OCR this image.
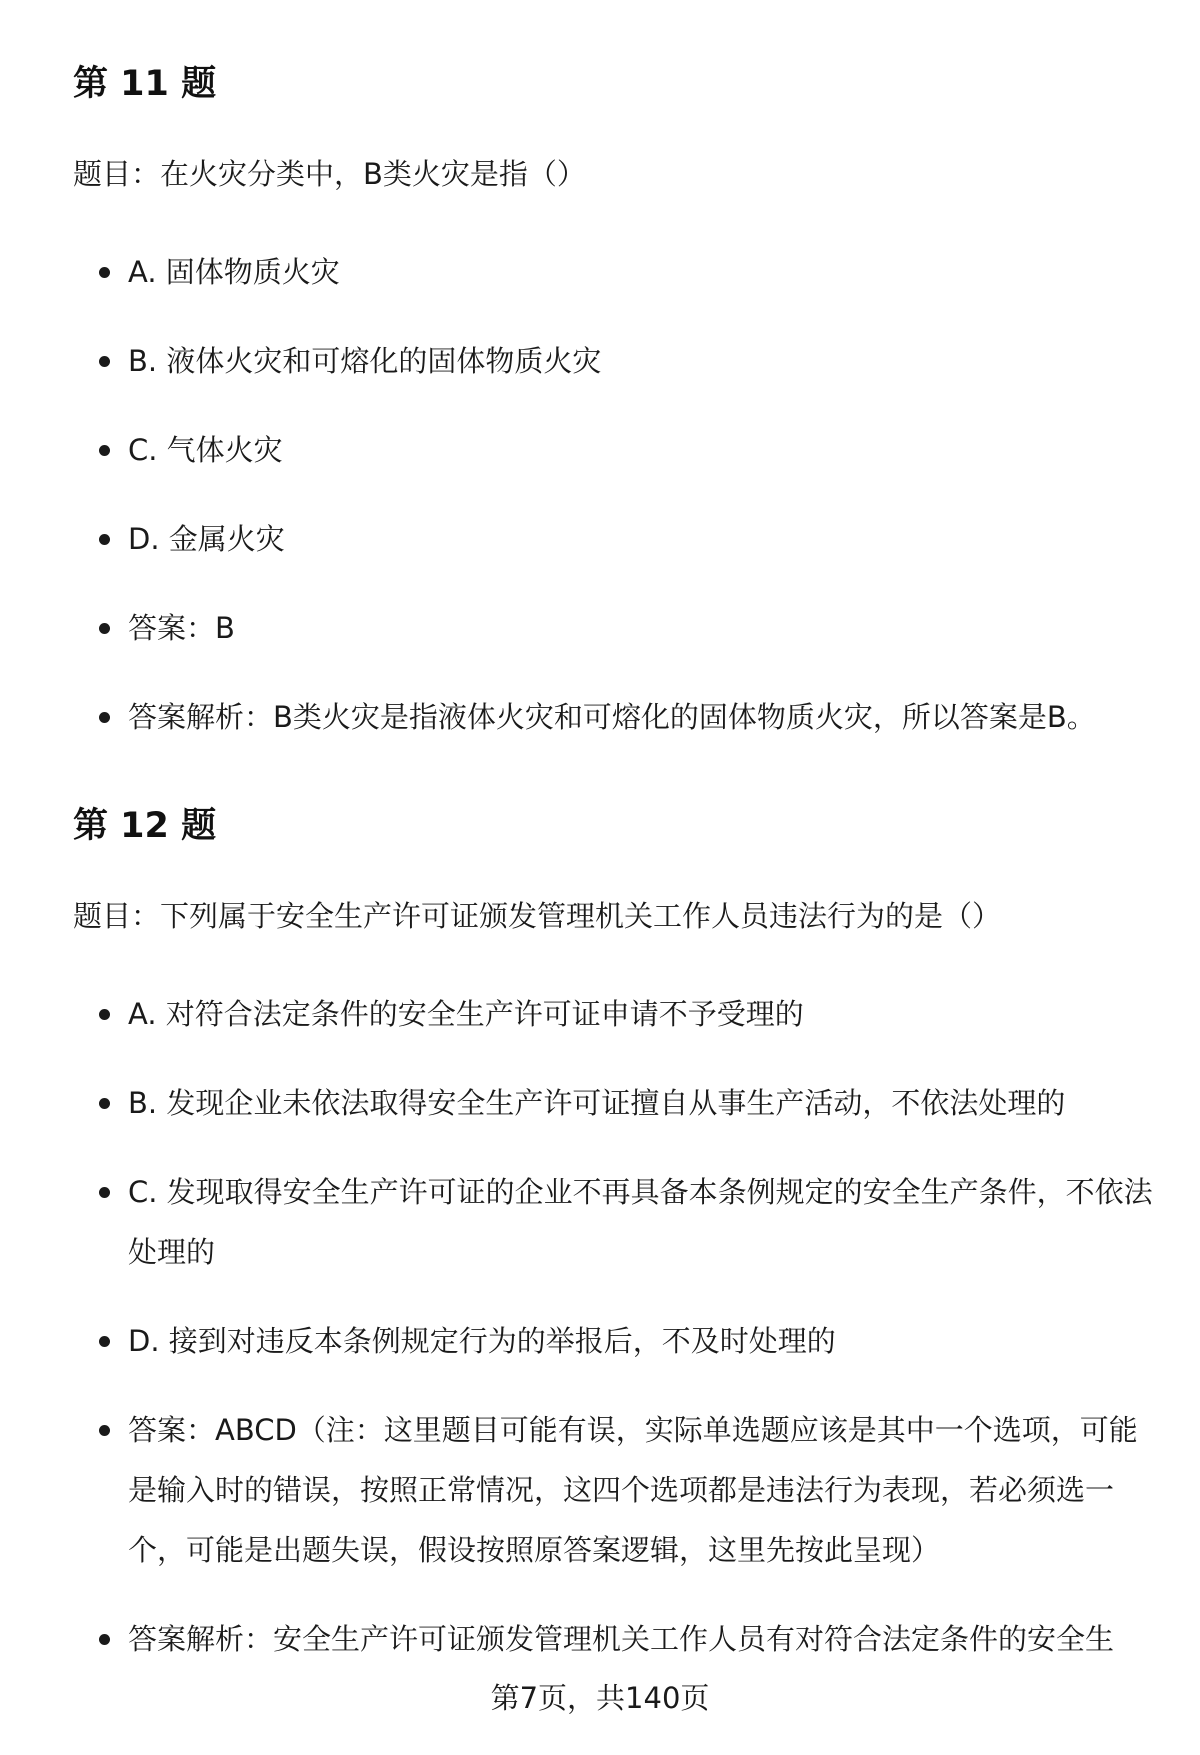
第 11 题

题目：在火灾分类中，B类火灾是指（）

A. 固体物质火灾
B. 液体火灾和可熔化的固体物质火灾
C. 气体火灾
D. 金属火灾
答案：B
答案解析：B类火灾是指液体火灾和可熔化的固体物质火灾，所以答案是B。
第 12 题

题目：下列属于安全生产许可证颁发管理机关工作人员违法行为的是（）

A. 对符合法定条件的安全生产许可证申请不予受理的
B. 发现企业未依法取得安全生产许可证擅自从事生产活动，不依法处理的
C. 发现取得安全生产许可证的企业不再具备本条例规定的安全生产条件，不依法处理的
D. 接到对违反本条例规定行为的举报后，不及时处理的
答案：ABCD（注：这里题目可能有误，实际单选题应该是其中一个选项，可能是输入时的错误，按照正常情况，这四个选项都是违法行为表现，若必须选一个，可能是出题失误，假设按照原答案逻辑，这里先按此呈现）
答案解析：安全生产许可证颁发管理机关工作人员有对符合法定条件的安全生
第7页，共140页
